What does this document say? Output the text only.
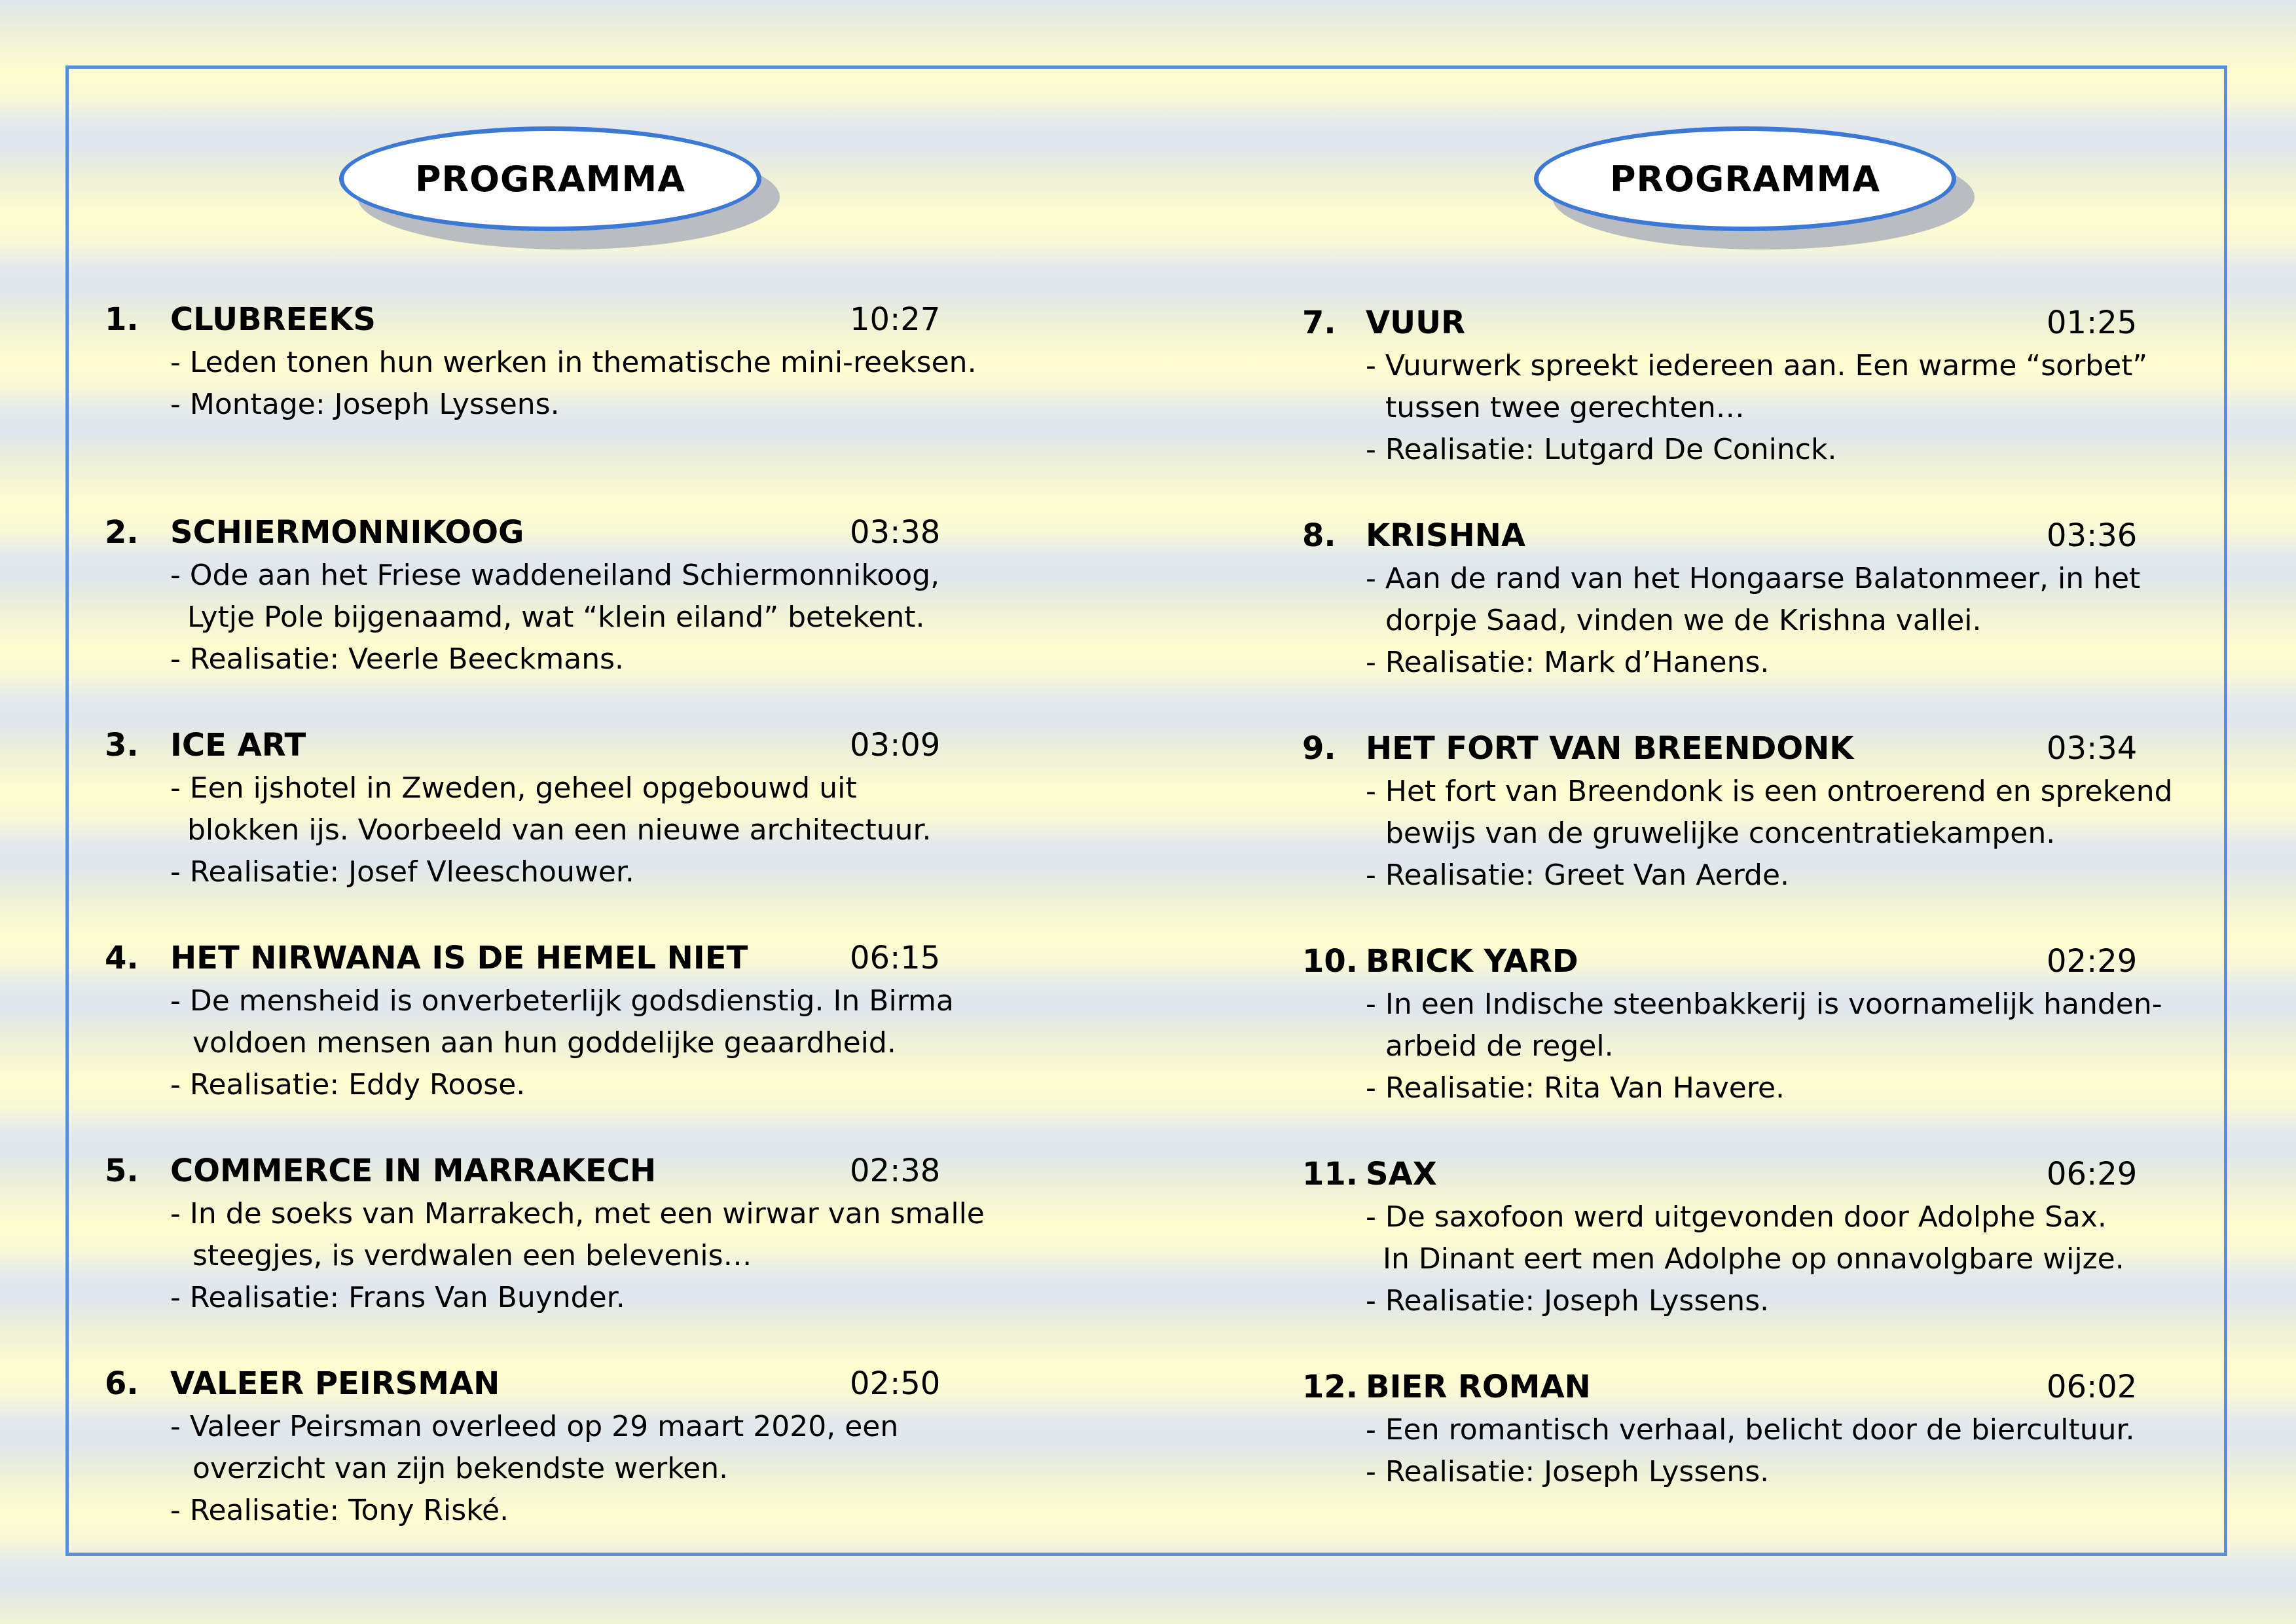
PROGRAMMA
1. CLUBREEKS	10:27
- Leden tonen hun werken in thematische mini-reeksen.
- Montage: Joseph Lyssens.
2. SCHIERMONNIKOOG	03:38
- Ode aan het Friese waddeneiland Schiermonnikoog,
Lytje Pole bijgenaamd, wat “klein eiland” betekent.
- Realisatie: Veerle Beeckmans.
3. ICE ART	03:09
- Een ijshotel in Zweden, geheel opgebouwd uit
blokken ijs. Voorbeeld van een nieuwe architectuur.
- Realisatie: Josef Vleeschouwer.
4. HET NIRWANA IS DE HEMEL NIET	06:15
- De mensheid is onverbeterlijk godsdienstig. In Birma
voldoen mensen aan hun goddelijke geaardheid.
- Realisatie: Eddy Roose.
5. COMMERCE IN MARRAKECH	02:38
- In de soeks van Marrakech, met een wirwar van smalle
steegjes, is verdwalen een belevenis…
- Realisatie: Frans Van Buynder.
6. VALEER PEIRSMAN	02:50
- Valeer Peirsman overleed op 29 maart 2020, een
overzicht van zijn bekendste werken.
- Realisatie: Tony Riské.
PROGRAMMA
7. VUUR	01:25
- Vuurwerk spreekt iedereen aan. Een warme “sorbet”
tussen twee gerechten…
- Realisatie: Lutgard De Coninck.
8. KRISHNA	03:36
- Aan de rand van het Hongaarse Balatonmeer, in het
dorpje Saad, vinden we de Krishna vallei.
- Realisatie: Mark d’Hanens.
9. HET FORT VAN BREENDONK	03:34
- Het fort van Breendonk is een ontroerend en sprekend
bewijs van de gruwelijke concentratiekampen.
- Realisatie: Greet Van Aerde.
10. BRICK YARD	02:29
- In een Indische steenbakkerij is voornamelijk handen-
arbeid de regel.
- Realisatie: Rita Van Havere.
11. SAX	06:29
- De saxofoon werd uitgevonden door Adolphe Sax.
In Dinant eert men Adolphe op onnavolgbare wijze.
- Realisatie: Joseph Lyssens.
12. BIER ROMAN	06:02
- Een romantisch verhaal, belicht door de biercultuur.
- Realisatie: Joseph Lyssens.
